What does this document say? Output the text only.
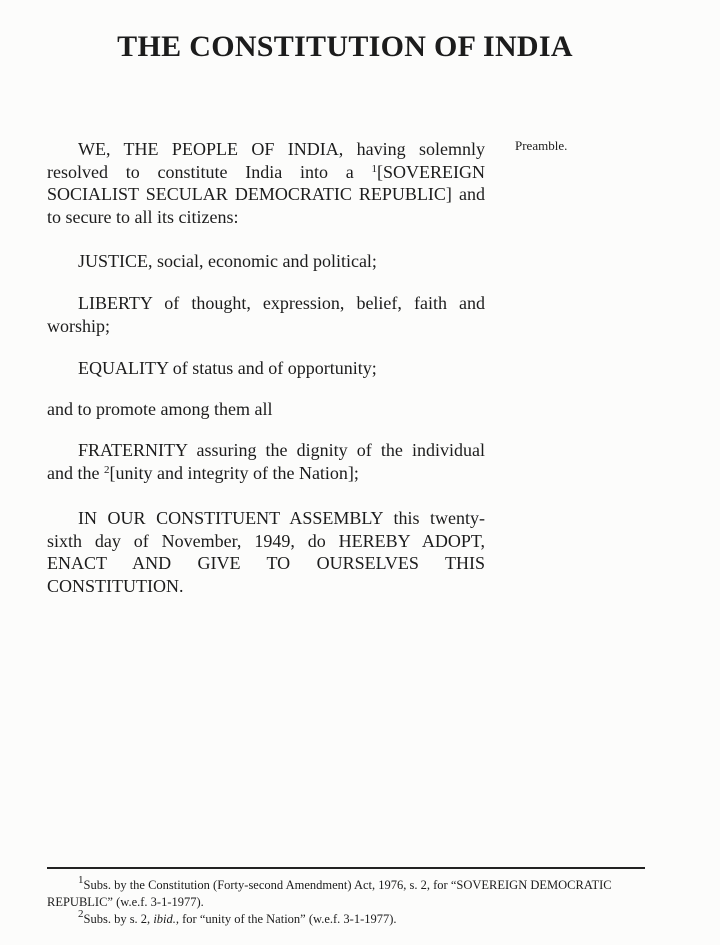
THE CONSTITUTION OF INDIA
Preamble.
WE, THE PEOPLE OF INDIA, having solemnly
resolved to constitute India into a $^1$[SOVEREIGN
SOCIALIST SECULAR DEMOCRATIC REPUBLIC] and
to secure to all its citizens:
JUSTICE, social, economic and political;
LIBERTY of thought, expression, belief, faith and
worship;
EQUALITY of status and of opportunity;
and to promote among them all
FRATERNITY assuring the dignity of the individual
and the $^2$[unity and integrity of the Nation];
IN OUR CONSTITUENT ASSEMBLY this twenty-
sixth day of November, 1949, do HEREBY ADOPT,
ENACT AND GIVE TO OURSELVES THIS
CONSTITUTION.
$^1$Subs. by the Constitution (Forty-second Amendment) Act, 1976, s. 2, for “SOVEREIGN DEMOCRATIC
REPUBLIC” (w.e.f. 3-1-1977).
$^2$Subs. by s. 2, ibid., for “unity of the Nation” (w.e.f. 3-1-1977).
